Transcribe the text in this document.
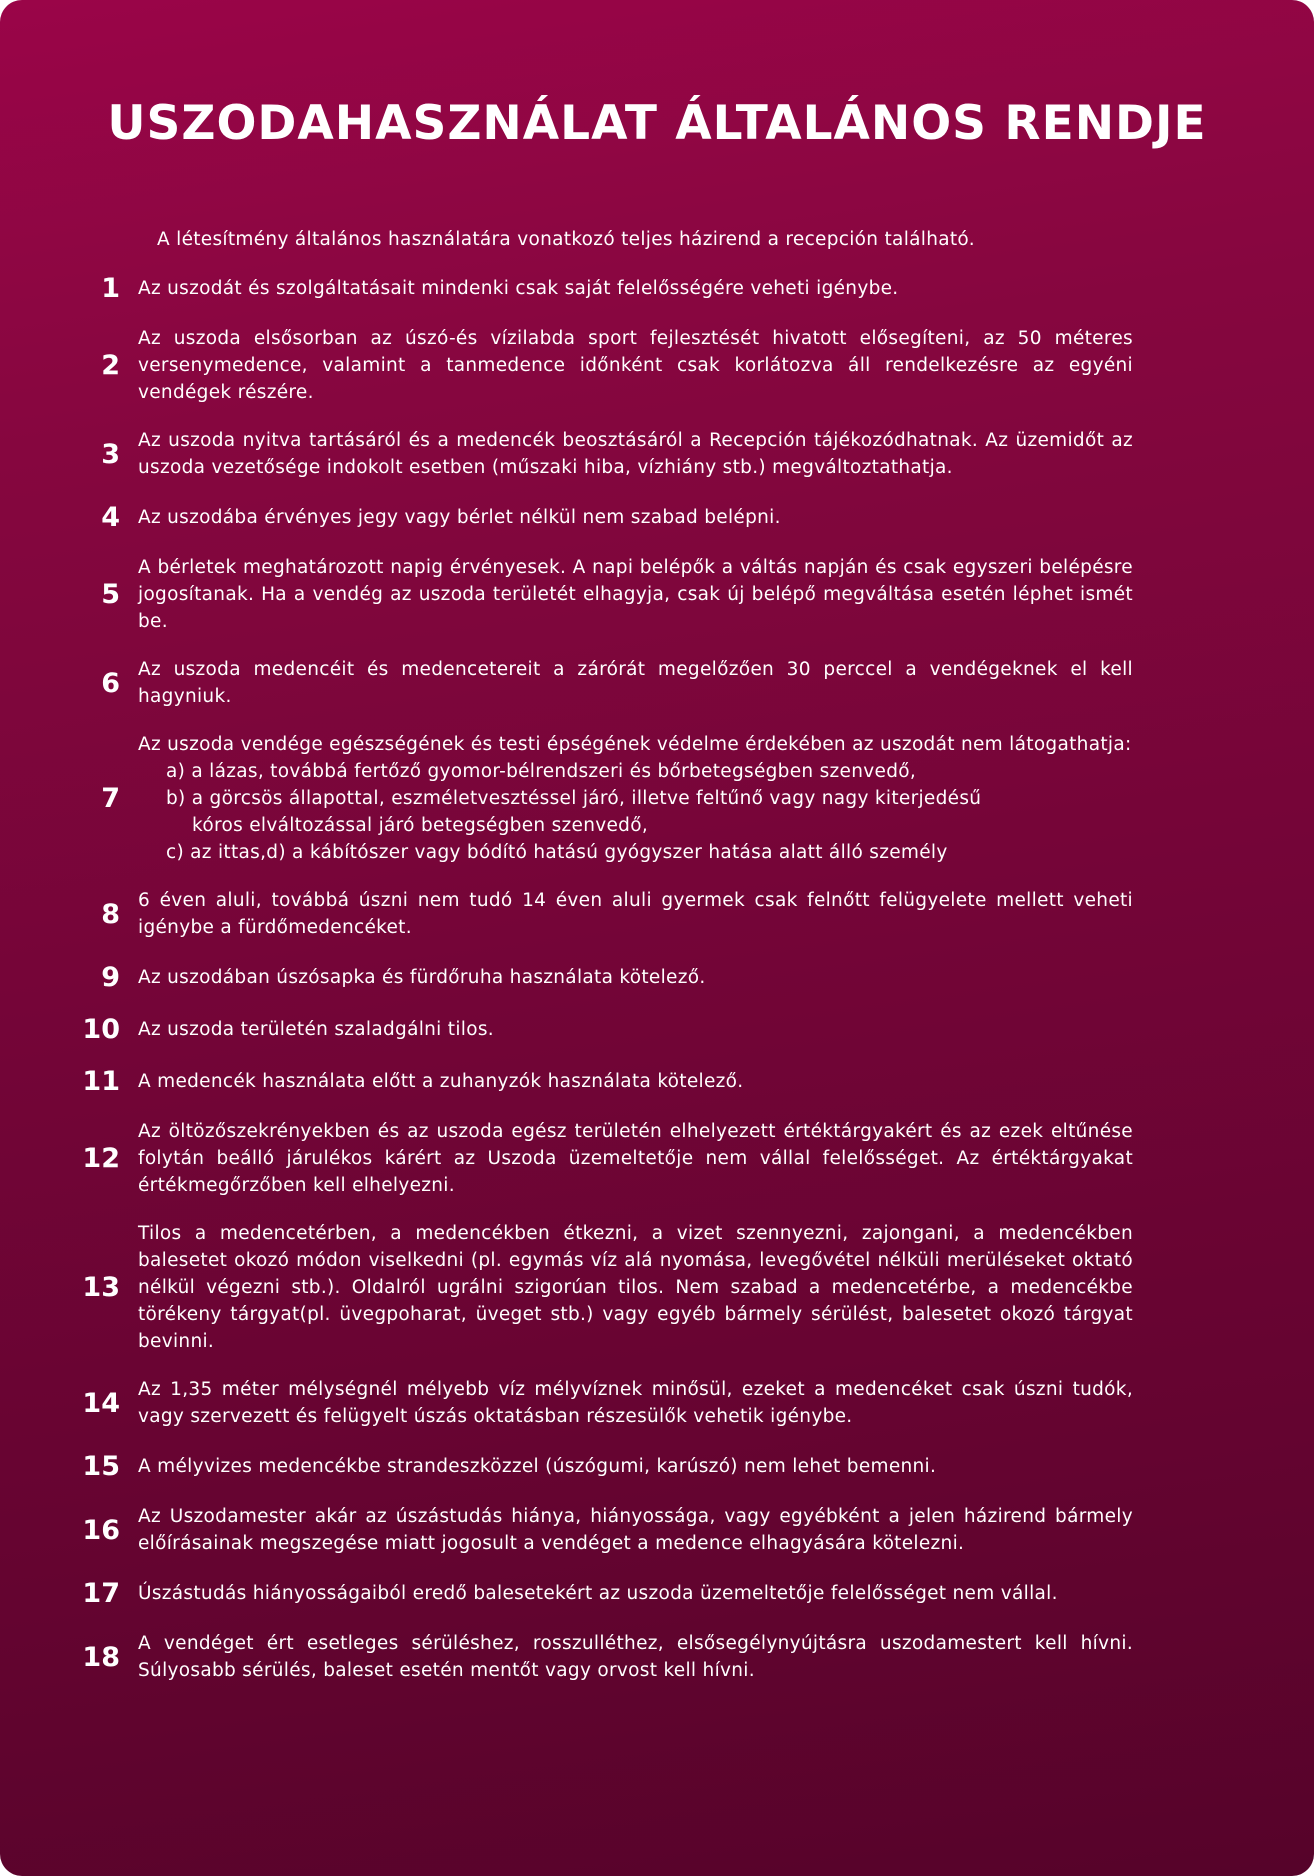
USZODAHASZNÁLAT ÁLTALÁNOS RENDJE
A létesítmény általános használatára vonatkozó teljes házirend a recepción található.
1 Az uszodát és szolgáltatásait mindenki csak saját felelősségére veheti igénybe.
2
Az uszoda elsősorban az úszó-és vízilabda sport fejlesztését hivatott elősegíteni, az 50 méteres versenymedence, valamint a tanmedence időnként csak korlátozva áll rendelkezésre az egyéni vendégek részére.
3 Az uszoda nyitva tartásáról és a medencék beosztásáról a Recepción tájékozódhatnak. Az üzemidőt az uszoda vezetősége indokolt esetben (műszaki hiba, vízhiány stb.) megváltoztathatja.
4 Az uszodába érvényes jegy vagy bérlet nélkül nem szabad belépni.
5
A bérletek meghatározott napig érvényesek. A napi belépők a váltás napján és csak egyszeri belépésre jogosítanak. Ha a vendég az uszoda területét elhagyja, csak új belépő megváltása esetén léphet ismét be.
6 Az uszoda medencéit és medencetereit a zárórát megelőzően 30 perccel a vendégeknek el kell hagyniuk.
7
Az uszoda vendége egészségének és testi épségének védelme érdekében az uszodát nem látogathatja:
a) a lázas, továbbá fertőző gyomor-bélrendszeri és bőrbetegségben szenvedő,
b) a görcsös állapottal, eszméletvesztéssel járó, illetve feltűnő vagy nagy kiterjedésű
kóros elváltozással járó betegségben szenvedő,
c) az ittas,d) a kábítószer vagy bódító hatású gyógyszer hatása alatt álló személy
8 6 éven aluli, továbbá úszni nem tudó 14 éven aluli gyermek csak felnőtt felügyelete mellett veheti igénybe a fürdőmedencéket.
9 Az uszodában úszósapka és fürdőruha használata kötelező.
10 Az uszoda területén szaladgálni tilos.
11 A medencék használata előtt a zuhanyzók használata kötelező.
12
Az öltözőszekrényekben és az uszoda egész területén elhelyezett értéktárgyakért és az ezek eltűnése folytán beálló járulékos kárért az Uszoda üzemeltetője nem vállal felelősséget. Az értéktárgyakat értékmegőrzőben kell elhelyezni.
13
Tilos a medencetérben, a medencékben étkezni, a vizet szennyezni, zajongani, a medencékben balesetet okozó módon viselkedni (pl. egymás víz alá nyomása, levegővétel nélküli merüléseket oktató nélkül végezni stb.). Oldalról ugrálni szigorúan tilos. Nem szabad a medencetérbe, a medencékbe törékeny tárgyat(pl. üvegpoharat, üveget stb.) vagy egyéb bármely sérülést, balesetet okozó tárgyat bevinni.
14 Az 1,35 méter mélységnél mélyebb víz mélyvíznek minősül, ezeket a medencéket csak úszni tudók, vagy szervezett és felügyelt úszás oktatásban részesülők vehetik igénybe.
15 A mélyvizes medencékbe strandeszközzel (úszógumi, karúszó) nem lehet bemenni.
16 Az Uszodamester akár az úszástudás hiánya, hiányossága, vagy egyébként a jelen házirend bármely előírásainak megszegése miatt jogosult a vendéget a medence elhagyására kötelezni.
17 Úszástudás hiányosságaiból eredő balesetekért az uszoda üzemeltetője felelősséget nem vállal.
18 A vendéget ért esetleges sérüléshez, rosszulléthez, elsősegélynyújtásra uszodamestert kell hívni. Súlyosabb sérülés, baleset esetén mentőt vagy orvost kell hívni.
